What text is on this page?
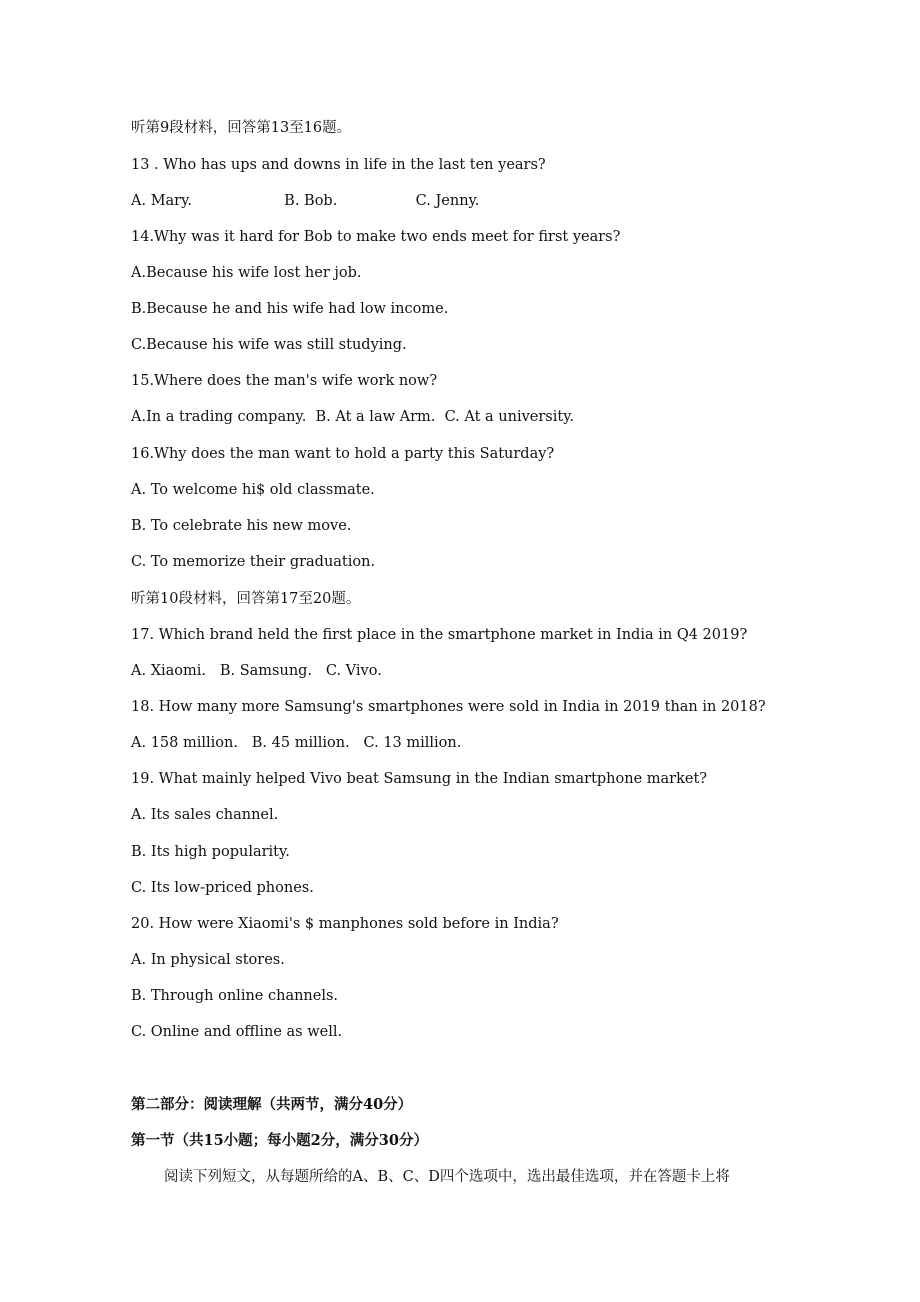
听第9段材料，回答第13至16题。
13 . Who has ups and downs in life in the last ten years?
A. Mary.                    B. Bob.                 C. Jenny.
14.Why was it hard for Bob to make two ends meet for first years?
A.Because his wife lost her job.
B.Because he and his wife had low income.
C.Because his wife was still studying.
15.Where does the man's wife work now?
A.In a trading company.  B. At a law Arm.  C. At a university.
16.Why does the man want to hold a party this Saturday?
A. To welcome hi$ old classmate.
B. To celebrate his new move.
C. To memorize their graduation.
听第10段材料，回答第17至20题。
17. Which brand held the first place in the smartphone market in India in Q4 2019?
A. Xiaomi.   B. Samsung.   C. Vivo.
18. How many more Samsung's smartphones were sold in India in 2019 than in 2018?
A. 158 million.   B. 45 million.   C. 13 million.
19. What mainly helped Vivo beat Samsung in the Indian smartphone market?
A. Its sales channel.
B. Its high popularity.
C. Its low-priced phones.
20. How were Xiaomi's $ manphones sold before in India?
A. In physical stores.
B. Through online channels.
C. Online and offline as well.
第二部分：阅读理解（共两节，满分40分）
第一节（共15小题；每小题2分，满分30分）
阅读下列短文，从每题所给的A、B、C、D四个选项中，选出最佳选项，并在答题卡上将
